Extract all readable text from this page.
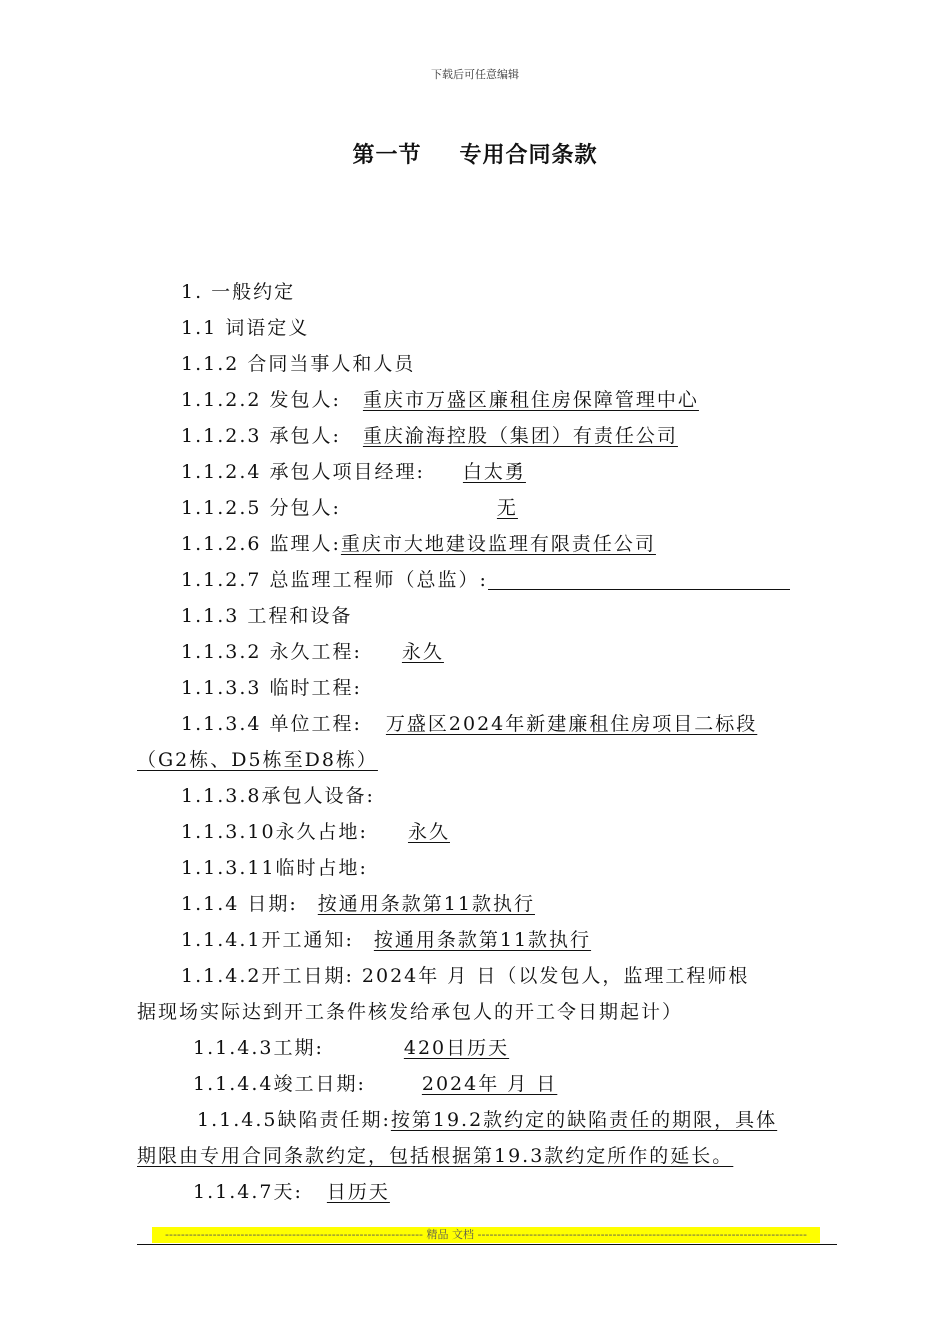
下载后可任意编辑
第一节 专用合同条款
1. 一般约定
1.1 词语定义
1.1.2 合同当事人和人员
1.1.2.2 发包人: 重庆市万盛区廉租住房保障管理中心
1.1.2.3 承包人: 重庆渝海控股（集团）有责任公司
1.1.2.4 承包人项目经理: 白太勇
1.1.2.5 分包人:	无
1.1.2.6 监理人:重庆市大地建设监理有限责任公司
1.1.2.7 总监理工程师（总监）:
1.1.3 工程和设备
1.1.3.2 永久工程: 永久
1.1.3.3 临时工程:
1.1.3.4 单位工程: 万盛区2024年新建廉租住房项目二标段
（G2栋、D5栋至D8栋）
1.1.3.8承包人设备:
1.1.3.10永久占地: 永久
1.1.3.11临时占地:
1.1.4 日期: 按通用条款第11款执行
1.1.4.1开工通知: 按通用条款第11款执行
1.1.4.2开工日期: 2024年 月 日（以发包人，监理工程师根
据现场实际达到开工条件核发给承包人的开工令日期起计）
1.1.4.3工期:	420日历天
1.1.4.4竣工日期:	2024年 月 日
1.1.4.5缺陷责任期:按第19.2款约定的缺陷责任的期限，具体
期限由专用合同条款约定，包括根据第19.3款约定所作的延长。
1.1.4.7天: 日历天
----------------------------------------------------------------- 精品 文档 -----------------------------------------------------------------------------------
